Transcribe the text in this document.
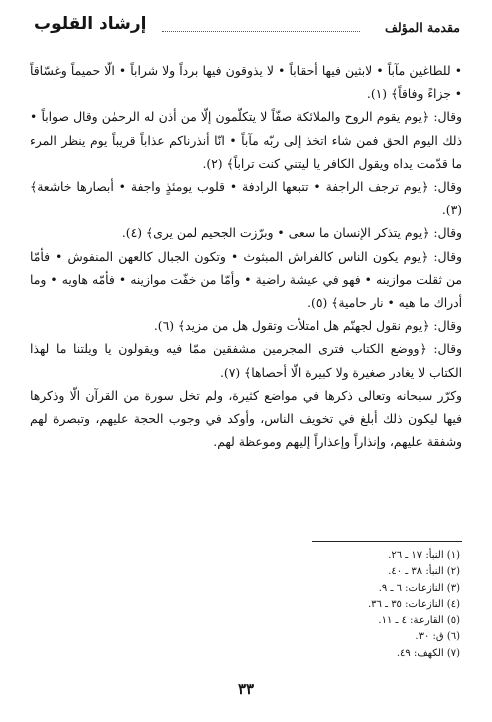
مقدمة المؤلف
إرشاد القلوب

• للطاغين مآباً • لابثين فيها أحقاباً • لا يذوقون فيها برداً ولا شراباً • الّا حميماً وغسّاقاً • جزاءً وفاقاً﴾ (١).

وقال: ﴿يوم يقوم الروح والملائكة صفّاً لا يتكلّمون إلّا من أذن له الرحمٰن وقال صواباً • ذلك اليوم الحق فمن شاء اتخذ إلى ربّه مآباً • انّا أنذرناكم عذاباً قريباً يوم ينظر المرء ما قدّمت يداه ويقول الكافر يا ليتني كنت تراباً﴾ (٢).

وقال: ﴿يوم ترجف الراجفة • تتبعها الرادفة • قلوب يومئذٍ واجفة • أبصارها خاشعة﴾ (٣).

وقال: ﴿يوم يتذكر الإنسان ما سعى • وبرّزت الجحيم لمن يرى﴾ (٤).

وقال: ﴿يوم يكون الناس كالفراش المبثوث • وتكون الجبال كالعهن المنفوش • فأمّا من ثقلت موازينه • فهو في عيشة راضية • وأمّا من خفّت موازينه • فأمّه هاويه • وما أدراك ما هيه • نار حامية﴾ (٥).

وقال: ﴿يوم نقول لجهنّم هل امتلأت وتقول هل من مزيد﴾ (٦).

وقال: ﴿ووضع الكتاب فترى المجرمين مشفقين ممّا فيه ويقولون يا ويلتنا ما لهذا الكتاب لا يغادر صغيرة ولا كبيرة الّا أحصاها﴾ (٧).

وكرّر سبحانه وتعالى ذكرها في مواضع كثيرة، ولم تخل سورة من القرآن الّا وذكرها فيها ليكون ذلك أبلغ في تخويف الناس، وأوكد في وجوب الحجة عليهم، وتبصرة لهم وشفقة عليهم، وإنذاراً وإعذاراً إليهم وموعظة لهم.

(١) النبأ: ١٧ ـ ٢٦.
(٢) النبأ: ٣٨ ـ ٤٠.
(٣) النازعات: ٦ ـ ٩.
(٤) النازعات: ٣٥ ـ ٣٦.
(٥) القارعة: ٤ ـ ١١.
(٦) ق: ٣٠.
(٧) الكهف: ٤٩.
٣٣
